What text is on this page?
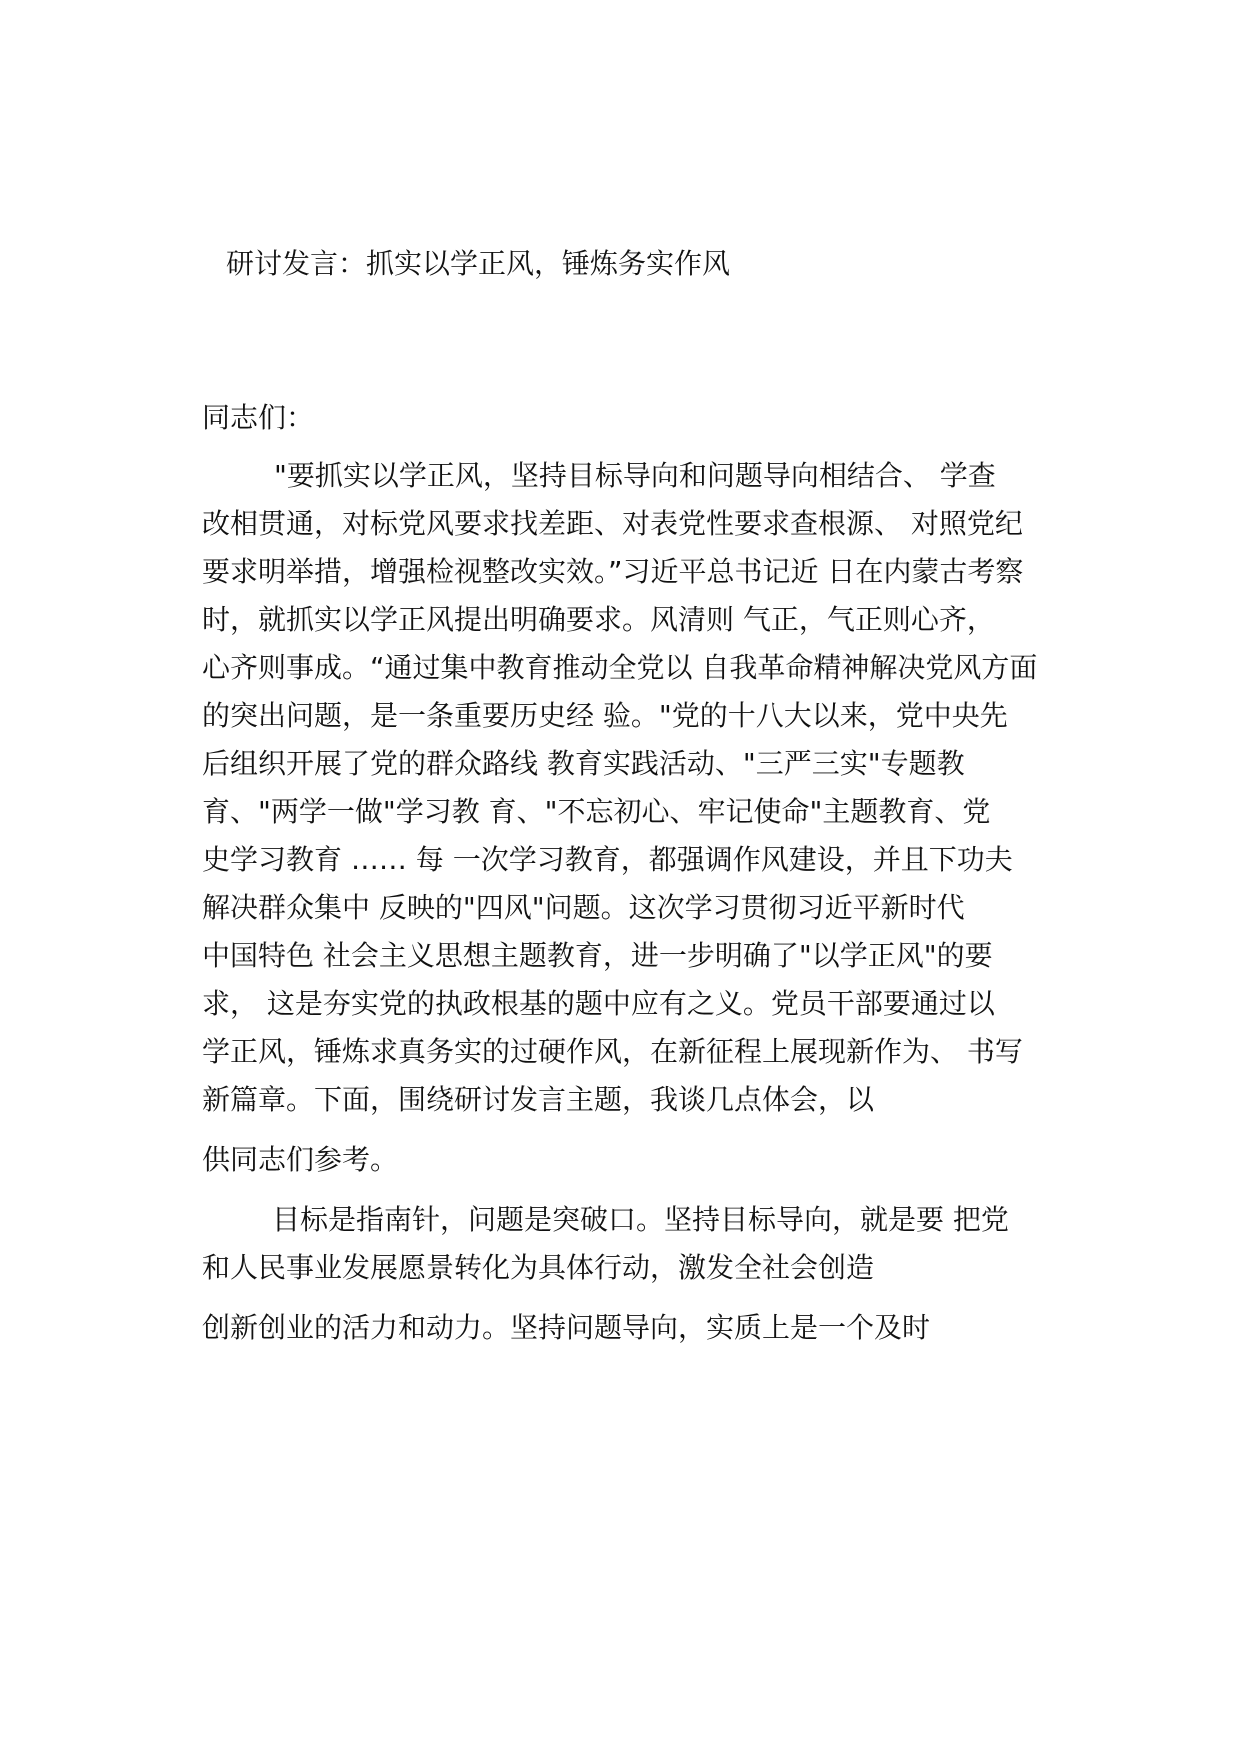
研讨发言：抓实以学正风，锤炼务实作风
同志们：
"要抓实以学正风，坚持目标导向和问题导向相结合、 学查
改相贯通，对标党风要求找差距、对表党性要求查根源、 对照党纪
要求明举措，增强检视整改实效。”习近平总书记近 日在内蒙古考察
时，就抓实以学正风提出明确要求。风清则 气正，气正则心齐，
心齐则事成。“通过集中教育推动全党以 自我革命精神解决党风方面
的突出问题，是一条重要历史经 验。"党的十八大以来，党中央先
后组织开展了党的群众路线 教育实践活动、"三严三实"专题教
育、"两学一做"学习教 育、"不忘初心、牢记使命"主题教育、党
史学习教育 …… 每 一次学习教育，都强调作风建设，并且下功夫
解决群众集中 反映的"四风"问题。这次学习贯彻习近平新时代
中国特色 社会主义思想主题教育，进一步明确了"以学正风"的要
求， 这是夯实党的执政根基的题中应有之义。党员干部要通过以
学正风，锤炼求真务实的过硬作风，在新征程上展现新作为、 书写
新篇章。下面，围绕研讨发言主题，我谈几点体会，以
供同志们参考。
目标是指南针，问题是突破口。坚持目标导向，就是要 把党
和人民事业发展愿景转化为具体行动，激发全社会创造
创新创业的活力和动力。坚持问题导向，实质上是一个及时
